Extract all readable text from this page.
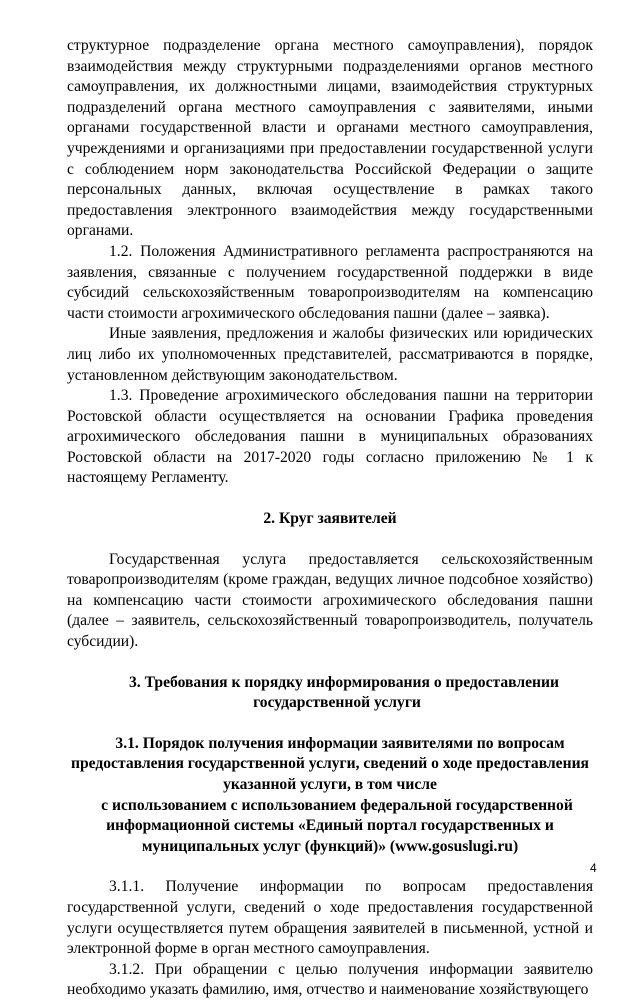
структурное подразделение органа местного самоуправления), порядок взаимодействия между структурными подразделениями органов местного самоуправления, их должностными лицами, взаимодействия структурных подразделений органа местного самоуправления с заявителями, иными органами государственной власти и органами местного самоуправления, учреждениями и организациями при предоставлении государственной услуги с соблюдением норм законодательства Российской Федерации о защите персональных данных, включая осуществление в рамках такого предоставления электронного взаимодействия между государственными органами.

1.2. Положения Административного регламента распространяются на заявления, связанные с получением государственной поддержки в виде субсидий сельскохозяйственным товаропроизводителям на компенсацию части стоимости агрохимического обследования пашни (далее – заявка).

Иные заявления, предложения и жалобы физических или юридических лиц либо их уполномоченных представителей, рассматриваются в порядке, установленном действующим законодательством.

1.3. Проведение агрохимического обследования пашни на территории Ростовской области осуществляется на основании Графика проведения агрохимического обследования пашни в муниципальных образованиях Ростовской области на 2017-2020 годы согласно приложению № 1 к настоящему Регламенту.

2. Круг заявителей

Государственная услуга предоставляется сельскохозяйственным товаропроизводителям (кроме граждан, ведущих личное подсобное хозяйство) на компенсацию части стоимости агрохимического обследования пашни (далее – заявитель, сельскохозяйственный товаропроизводитель, получатель субсидии).

3. Требования к порядку информирования о предоставлении
государственной услуги
3.1. Порядок получения информации заявителями по вопросам
предоставления государственной услуги, сведений о ходе предоставления
указанной услуги, в том числе
с использованием с использованием федеральной государственной
информационной системы «Единый портал государственных и
муниципальных услуг (функций)» (www.gosuslugi.ru)

3.1.1. Получение информации по вопросам предоставления государственной услуги, сведений о ходе предоставления государственной услуги осуществляется путем обращения заявителей в письменной, устной и электронной форме в орган местного самоуправления.

3.1.2. При обращении с целью получения информации заявителю необходимо указать фамилию, имя, отчество и наименование хозяйствующего

4
